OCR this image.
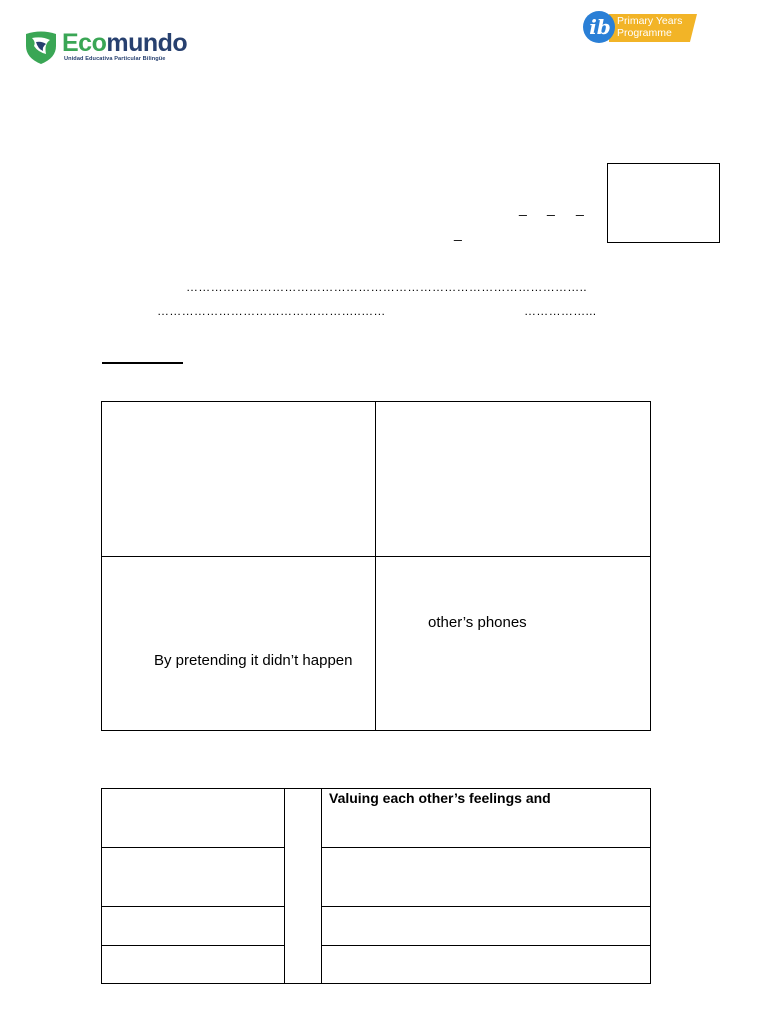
Ecomundo
Unidad Educativa Particular Bilingüe
ib Primary Years
Programme
_ _ _
_
……………………………………………………………………………………..
…………………………………………..……	……………...
By pretending it didn’t happen
other’s phones
Valuing each other’s feelings and
